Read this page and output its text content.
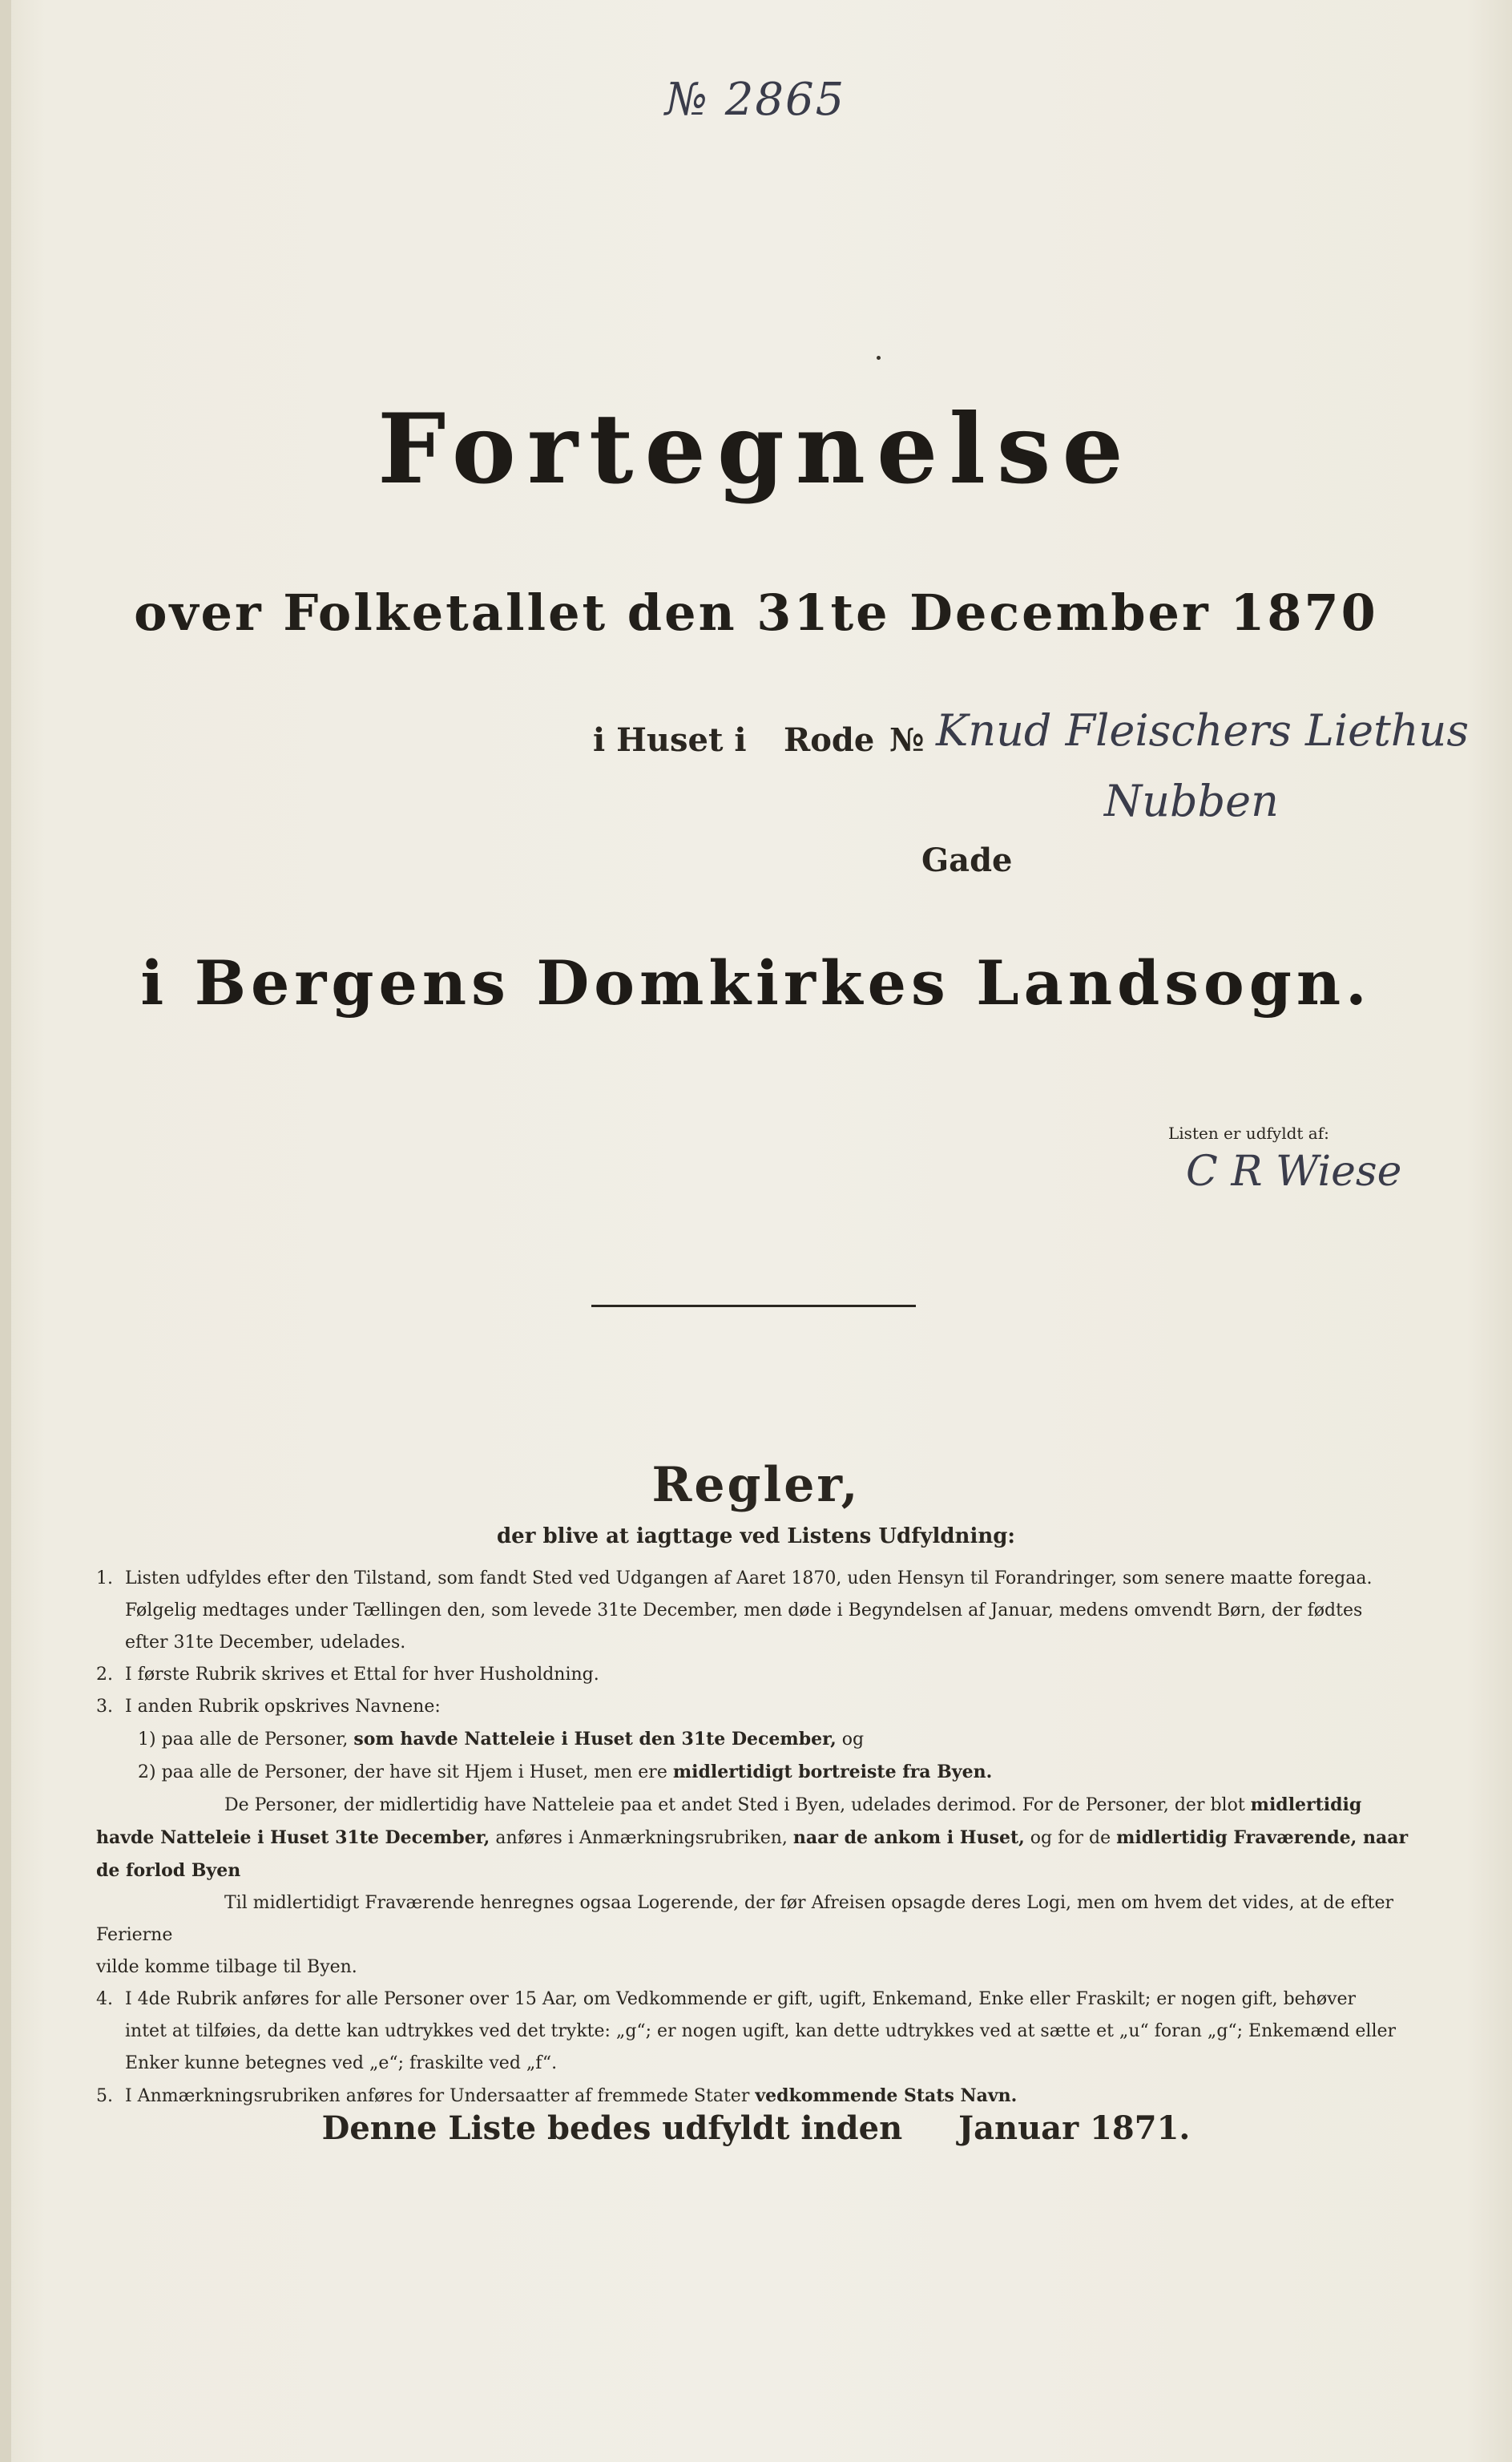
№ 2865
Fortegnelse
over Folketallet den 31te December 1870
i Huset i Rode № Knud Fleischers Liethus
Nubben
Gade
i Bergens Domkirkes Landsogn.
Listen er udfyldt af:
C R Wiese
Regler,
der blive at iagttage ved Listens Udfyldning:
1. Listen udfyldes efter den Tilstand, som fandt Sted ved Udgangen af Aaret 1870, uden Hensyn til Forandringer, som senere maatte foregaa.
Følgelig medtages under Tællingen den, som levede 31te December, men døde i Begyndelsen af Januar, medens omvendt Børn, der fødtes
efter 31te December, udelades.
2. I første Rubrik skrives et Ettal for hver Husholdning.
3. I anden Rubrik opskrives Navnene:
1) paa alle de Personer, som havde Natteleie i Huset den 31te December, og
2) paa alle de Personer, der have sit Hjem i Huset, men ere midlertidigt bortreiste fra Byen.

De Personer, der midlertidig have Natteleie paa et andet Sted i Byen, udelades derimod. For de Personer, der blot midlertidig havde Natteleie i Huset 31te December, anføres i Anmærkningsrubriken, naar de ankom i Huset, og for de midlertidig Fraværende, naar de forlod Byen

Til midlertidigt Fraværende henregnes ogsaa Logerende, der før Afreisen opsagde deres Logi, men om hvem det vides, at de efter Ferierne
vilde komme tilbage til Byen.
4. I 4de Rubrik anføres for alle Personer over 15 Aar, om Vedkommende er gift, ugift, Enkemand, Enke eller Fraskilt; er nogen gift, behøver
intet at tilføies, da dette kan udtrykkes ved det trykte: „g“; er nogen ugift, kan dette udtrykkes ved at sætte et „u“ foran „g“; Enkemænd eller
Enker kunne betegnes ved „e“; fraskilte ved „f“.
5. I Anmærkningsrubriken anføres for Undersaatter af fremmede Stater vedkommende Stats Navn.
Denne Liste bedes udfyldt inden Januar 1871.
